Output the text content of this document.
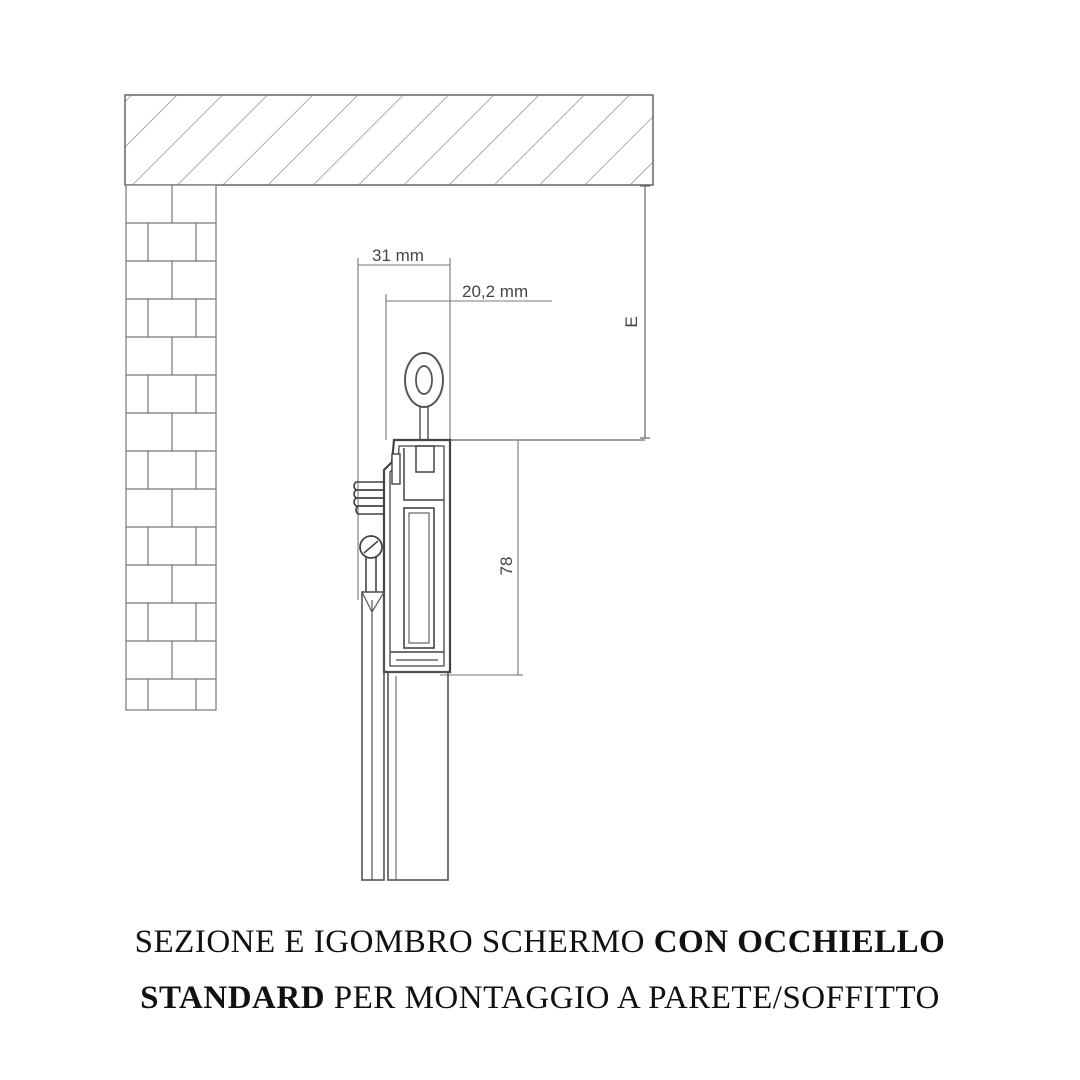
E
31 mm
20,2 mm
78
SEZIONE E IGOMBRO SCHERMO CON OCCHIELLO
STANDARD PER MONTAGGIO A PARETE/SOFFITTO
